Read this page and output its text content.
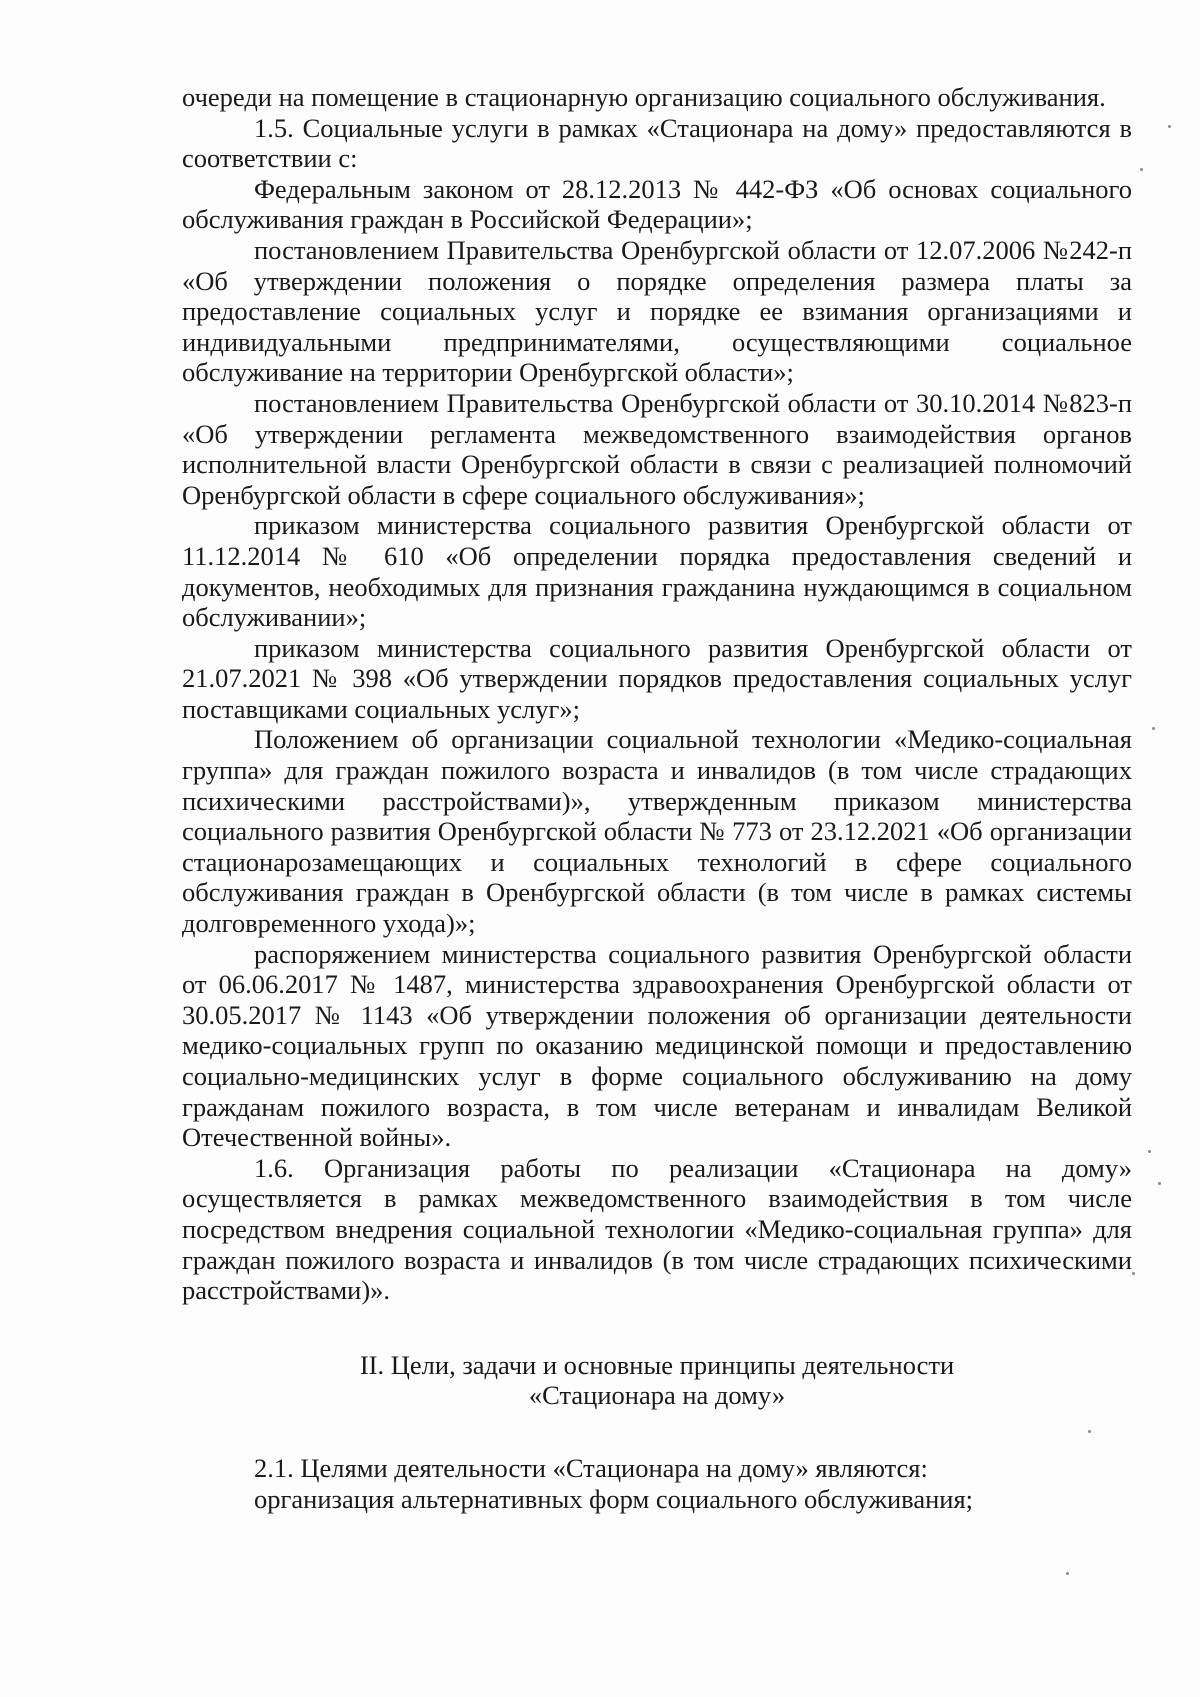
очереди на помещение в стационарную организацию социального обслуживания.

1.5. Социальные услуги в рамках «Стационара на дому» предоставляются в соответствии с:

Федеральным законом от 28.12.2013 № 442-ФЗ «Об основах социального обслуживания граждан в Российской Федерации»;

постановлением Правительства Оренбургской области от 12.07.2006 №242-п «Об утверждении положения о порядке определения размера платы за предоставление социальных услуг и порядке ее взимания организациями и индивидуальными предпринимателями, осуществляющими социальное обслуживание на территории Оренбургской области»;

постановлением Правительства Оренбургской области от 30.10.2014 №823-п «Об утверждении регламента межведомственного взаимодействия органов исполнительной власти Оренбургской области в связи с реализацией полномочий Оренбургской области в сфере социального обслуживания»;

приказом министерства социального развития Оренбургской области от 11.12.2014 № 610 «Об определении порядка предоставления сведений и документов, необходимых для признания гражданина нуждающимся в социальном обслуживании»;

приказом министерства социального развития Оренбургской области от 21.07.2021 № 398 «Об утверждении порядков предоставления социальных услуг поставщиками социальных услуг»;

Положением об организации социальной технологии «Медико-социальная группа» для граждан пожилого возраста и инвалидов (в том числе страдающих психическими расстройствами)», утвержденным приказом министерства социального развития Оренбургской области № 773 от 23.12.2021 «Об организации стационарозамещающих и социальных технологий в сфере социального обслуживания граждан в Оренбургской области (в том числе в рамках системы долговременного ухода)»;

распоряжением министерства социального развития Оренбургской области от 06.06.2017 № 1487, министерства здравоохранения Оренбургской области от 30.05.2017 № 1143 «Об утверждении положения об организации деятельности медико-социальных групп по оказанию медицинской помощи и предоставлению социально-медицинских услуг в форме социального обслуживанию на дому гражданам пожилого возраста, в том числе ветеранам и инвалидам Великой Отечественной войны».

1.6. Организация работы по реализации «Стационара на дому» осуществляется в рамках межведомственного взаимодействия в том числе посредством внедрения социальной технологии «Медико-социальная группа» для граждан пожилого возраста и инвалидов (в том числе страдающих психическими расстройствами)».

II. Цели, задачи и основные принципы деятельности
«Стационара на дому»

2.1. Целями деятельности «Стационара на дому» являются:

организация альтернативных форм социального обслуживания;
